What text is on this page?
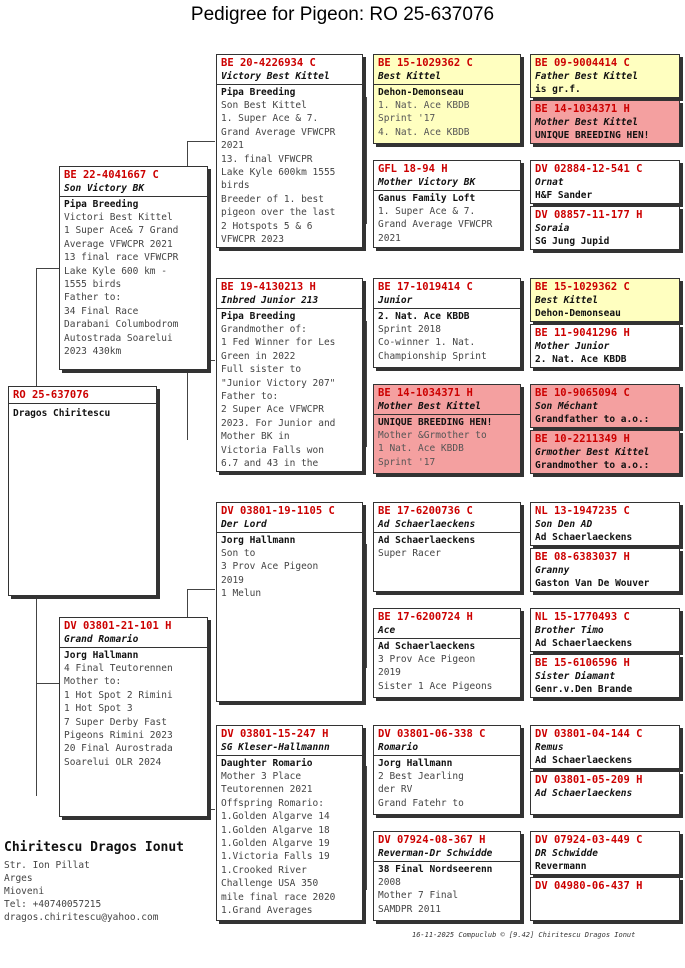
Pedigree for Pigeon: RO 25-637076
RO 25-637076
Dragos Chiritescu
BE 22-4041667 C
Son Victory BK
Pipa Breeding
Victori Best Kittel
1 Super Ace& 7 Grand
Average VFWCPR 2021
13 final race VFWCPR
Lake Kyle 600 km -
1555 birds
Father to:
34 Final Race
Darabani Columbodrom
Autostrada Soarelui
2023 430km
DV 03801-21-101 H
Grand Romario
Jorg Hallmann
4 Final Teutorennen
Mother to:
1 Hot Spot 2 Rimini
1 Hot Spot 3
7 Super Derby Fast
Pigeons Rimini 2023
20 Final Aurostrada
Soarelui OLR 2024
BE 20-4226934 C
Victory Best Kittel
Pipa Breeding
Son Best Kittel
1. Super Ace & 7.
Grand Average VFWCPR
2021
13. final VFWCPR
Lake Kyle 600km 1555
birds
Breeder of 1. best
pigeon over the last
2 Hotspots 5 & 6
VFWCPR 2023
BE 19-4130213 H
Inbred Junior 213
Pipa Breeding
Grandmother of:
1 Fed Winner for Les
Green in 2022
Full sister to
"Junior Victory 207"
Father to:
2 Super Ace VFWCPR
2023. For Junior and
Mother BK in
Victoria Falls won
6.7 and 43 in the
DV 03801-19-1105 C
Der Lord
Jorg Hallmann
Son to
3 Prov Ace Pigeon
2019
1 Melun
DV 03801-15-247 H
SG Kleser-Hallmannn
Daughter Romario
Mother 3 Place
Teutorennen 2021
Offspring Romario:
1.Golden Algarve 14
1.Golden Algarve 18
1.Golden Algarve 19
1.Victoria Falls 19
1.Crooked River
Challenge USA 350
mile final race 2020
1.Grand Averages
BE 15-1029362 C
Best Kittel
Dehon-Demonseau
1. Nat. Ace KBDB
Sprint '17
4. Nat. Ace KBDB
GFL 18-94 H
Mother Victory BK
Ganus Family Loft
1. Super Ace & 7.
Grand Average VFWCPR
2021
BE 17-1019414 C
Junior
2. Nat. Ace KBDB
Sprint 2018
Co-winner 1. Nat.
Championship Sprint
BE 14-1034371 H
Mother Best Kittel
UNIQUE BREEDING HEN!
Mother &Grmother to
1 Nat. Ace KBDB
Sprint '17
BE 17-6200736 C
Ad Schaerlaeckens
Ad Schaerlaeckens
Super Racer
BE 17-6200724 H
Ace
Ad Schaerlaeckens
3 Prov Ace Pigeon
2019
Sister 1 Ace Pigeons
DV 03801-06-338 C
Romario
Jorg Hallmann
2 Best Jearling
der RV
Grand Fatehr to
DV 07924-08-367 H
Reverman-Dr Schwidde
38 Final Nordseerenn
2008
Mother 7 Final
SAMDPR 2011
BE 09-9004414 C
Father Best Kittel
is gr.f.
BE 14-1034371 H
Mother Best Kittel
UNIQUE BREEDING HEN!
DV 02884-12-541 C
Ornat
H&F Sander
DV 08857-11-177 H
Soraia
SG Jung Jupid
BE 15-1029362 C
Best Kittel
Dehon-Demonseau
BE 11-9041296 H
Mother Junior
2. Nat. Ace KBDB
BE 10-9065094 C
Son Méchant
Grandfather to a.o.:
BE 10-2211349 H
Grmother Best Kittel
Grandmother to a.o.:
NL 13-1947235 C
Son Den AD
Ad Schaerlaeckens
BE 08-6383037 H
Granny
Gaston Van De Wouver
NL 15-1770493 C
Brother Timo
Ad Schaerlaeckens
BE 15-6106596 H
Sister Diamant
Genr.v.Den Brande
DV 03801-04-144 C
Remus
Ad Schaerlaeckens
DV 03801-05-209 H
Ad Schaerlaeckens
DV 07924-03-449 C
DR Schwidde
Revermann
DV 04980-06-437 H
Chiritescu Dragos Ionut
Str. Ion Pillat
Arges
Mioveni
Tel: +40740057215
dragos.chiritescu@yahoo.com
16-11-2025 Compuclub © [9.42] Chiritescu Dragos Ionut
